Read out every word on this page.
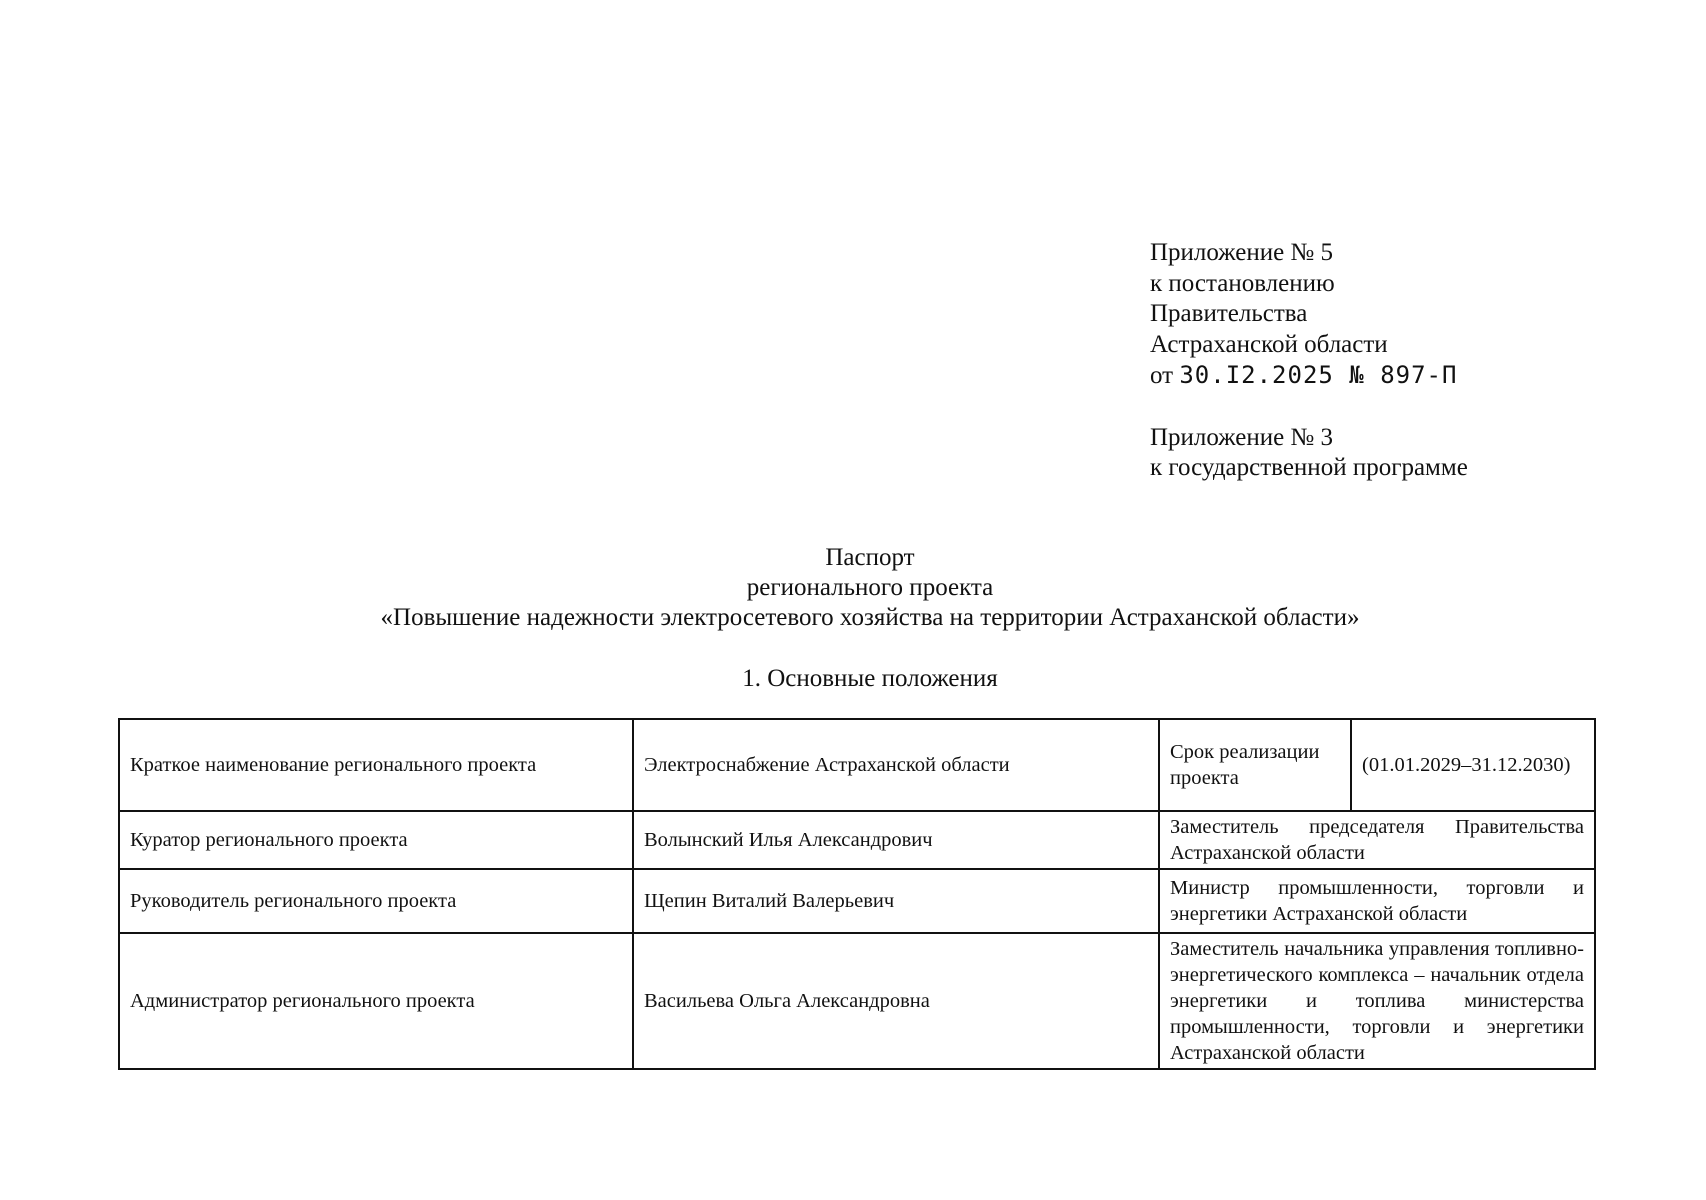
Приложение № 5
к постановлению
Правительства
Астраханской области
от 30.I2.2025 № 897-П
Приложение № 3
к государственной программе
Паспорт
регионального проекта
«Повышение надежности электросетевого хозяйства на территории Астраханской области»
1. Основные положения
Краткое наименование регионального проекта	Электроснабжение Астраханской области	Срок реализации проекта	(01.01.2029–31.12.2030)
Куратор регионального проекта	Волынский Илья Александрович	Заместитель председателя Правительства Астраханской области	
Руководитель регионального проекта	Щепин Виталий Валерьевич	Министр промышленности, торговли и энергетики Астраханской области	
Администратор регионального проекта	Васильева Ольга Александровна	Заместитель начальника управления топливно-энергетического комплекса – начальник отдела энергетики и топлива министерства промышленности, торговли и энергетики Астраханской области	
